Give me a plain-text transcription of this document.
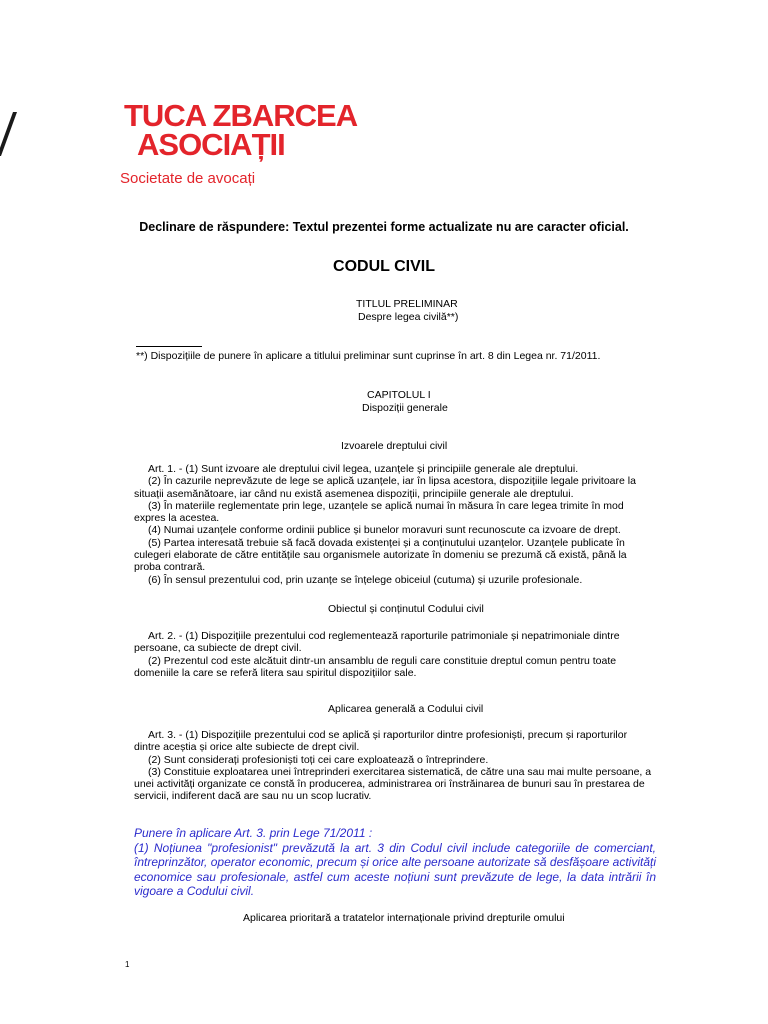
TUCA ZBARCEA
ASOCIAȚII
Societate de avocați
Declinare de răspundere: Textul prezentei forme actualizate nu are caracter oficial.
CODUL CIVIL
TITLUL PRELIMINAR
Despre legea civilă**)
**) Dispozițiile de punere în aplicare a titlului preliminar sunt cuprinse în art. 8 din Legea nr. 71/2011.
CAPITOLUL I
Dispoziții generale
Izvoarele dreptului civil

Art. 1. - (1) Sunt izvoare ale dreptului civil legea, uzanțele și principiile generale ale dreptului.

(2) În cazurile neprevăzute de lege se aplică uzanțele, iar în lipsa acestora, dispozițiile legale privitoare la situații asemănătoare, iar când nu există asemenea dispoziții, principiile generale ale dreptului.

(3) În materiile reglementate prin lege, uzanțele se aplică numai în măsura în care legea trimite în mod expres la acestea.

(4) Numai uzanțele conforme ordinii publice și bunelor moravuri sunt recunoscute ca izvoare de drept.

(5) Partea interesată trebuie să facă dovada existenței și a conținutului uzanțelor. Uzanțele publicate în culegeri elaborate de către entitățile sau organismele autorizate în domeniu se prezumă că există, până la proba contrară.

(6) În sensul prezentului cod, prin uzanțe se înțelege obiceiul (cutuma) și uzurile profesionale.

Obiectul și conținutul Codului civil

Art. 2. - (1) Dispozițiile prezentului cod reglementează raporturile patrimoniale și nepatrimoniale dintre persoane, ca subiecte de drept civil.

(2) Prezentul cod este alcătuit dintr-un ansamblu de reguli care constituie dreptul comun pentru toate domeniile la care se referă litera sau spiritul dispozițiilor sale.

Aplicarea generală a Codului civil

Art. 3. - (1) Dispozițiile prezentului cod se aplică și raporturilor dintre profesioniști, precum și raporturilor dintre aceștia și orice alte subiecte de drept civil.

(2) Sunt considerați profesioniști toți cei care exploatează o întreprindere.

(3) Constituie exploatarea unei întreprinderi exercitarea sistematică, de către una sau mai multe persoane, a unei activități organizate ce constă în producerea, administrarea ori înstrăinarea de bunuri sau în prestarea de servicii, indiferent dacă are sau nu un scop lucrativ.

Punere în aplicare Art. 3. prin Lege 71/2011 :

(1) Noțiunea "profesionist" prevăzută la art. 3 din Codul civil include categoriile de comerciant, întreprinzător, operator economic, precum și orice alte persoane autorizate să desfășoare activități economice sau profesionale, astfel cum aceste noțiuni sunt prevăzute de lege, la data intrării în vigoare a Codului civil.

Aplicarea prioritară a tratatelor internaționale privind drepturile omului
1
